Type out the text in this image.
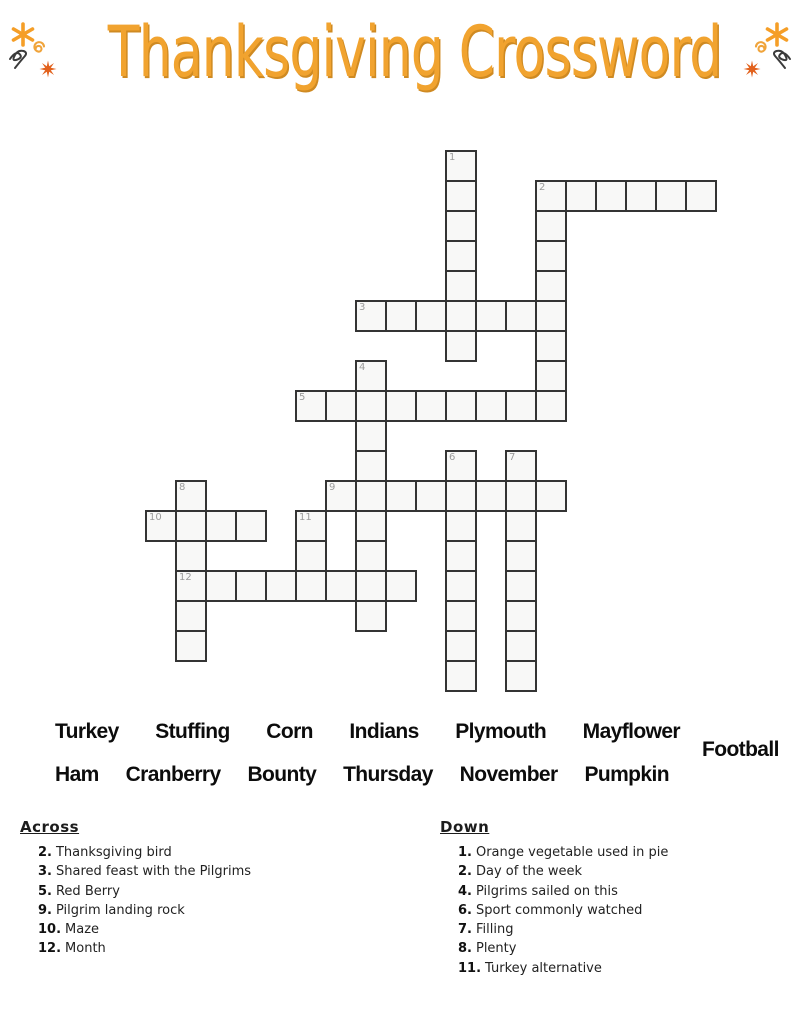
Thanksgiving Crossword
1
2
3
4
5
6	7
8
12
9
10	11
Turkey Stuffing Corn Indians Plymouth Mayflower
Football
Ham Cranberry Bounty Thursday November Pumpkin
Across
2. Thanksgiving bird
3. Shared feast with the Pilgrims
5. Red Berry
9. Pilgrim landing rock
10. Maze
12. Month
Down
1. Orange vegetable used in pie
2. Day of the week
4. Pilgrims sailed on this
6. Sport commonly watched
7. Filling
8. Plenty
11. Turkey alternative
